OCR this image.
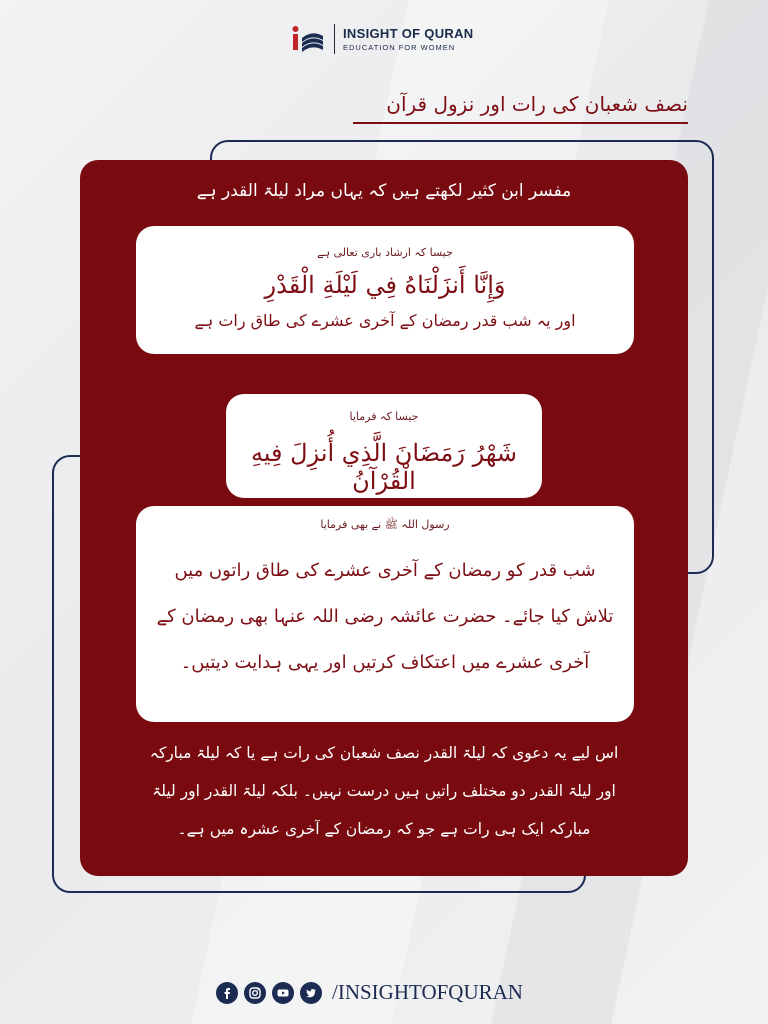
INSIGHT OF QURAN
EDUCATION FOR WOMEN
نصف شعبان کی رات اور نزول قرآن
مفسر ابن کثیر لکھتے ہیں کہ یہاں مراد لیلۃ القدر ہے
جیسا کہ ارشاد باری تعالی ہے
وَإِنَّا أَنزَلْنَاهُ فِي لَيْلَةِ الْقَدْرِ
اور یہ شب قدر رمضان کے آخری عشرے کی طاق رات ہے
جیسا کہ فرمایا
شَهْرُ رَمَضَانَ الَّذِي أُنزِلَ فِيهِ الْقُرْآنُ
رسول اللہ ﷺ نے بھی فرمایا
شب قدر کو رمضان کے آخری عشرے کی طاق راتوں میں
تلاش کیا جائے۔ حضرت عائشہ رضی اللہ عنہا بھی رمضان کے
آخری عشرے میں اعتکاف کرتیں اور یہی ہدایت دیتیں۔
اس لیے یہ دعوی کہ لیلۃ القدر نصف شعبان کی رات ہے یا کہ لیلۃ مبارکہ
اور لیلۃ القدر دو مختلف راتیں ہیں درست نہیں۔ بلکہ لیلۃ القدر اور لیلۃ
مبارکہ ایک ہی رات ہے جو کہ رمضان کے آخری عشرہ میں ہے۔
/INSIGHTOFQURAN
